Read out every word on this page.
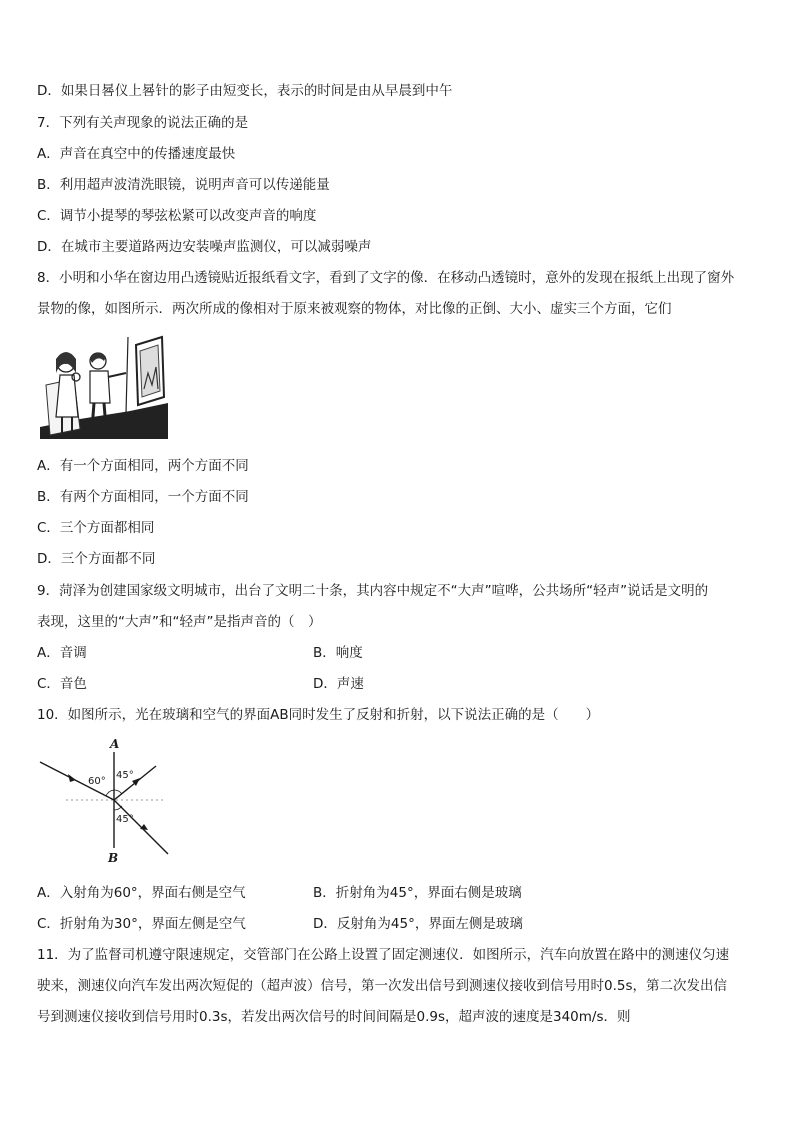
D．如果日晷仪上晷针的影子由短变长，表示的时间是由从早晨到中午
7．下列有关声现象的说法正确的是
A．声音在真空中的传播速度最快
B．利用超声波清洗眼镜，说明声音可以传递能量
C．调节小提琴的琴弦松紧可以改变声音的响度
D．在城市主要道路两边安装噪声监测仪，可以减弱噪声
8．小明和小华在窗边用凸透镜贴近报纸看文字，看到了文字的像．在移动凸透镜时，意外的发现在报纸上出现了窗外
景物的像，如图所示．两次所成的像相对于原来被观察的物体，对比像的正倒、大小、虚实三个方面，它们
A．有一个方面相同，两个方面不同
B．有两个方面相同，一个方面不同
C．三个方面都相同
D．三个方面都不同
9．菏泽为创建国家级文明城市，出台了文明二十条，其内容中规定不“大声”喧哗，公共场所“轻声”说话是文明的
表现，这里的“大声”和“轻声”是指声音的（　）
A．音调	B．响度
C．音色	D．声速
10．如图所示，光在玻璃和空气的界面AB同时发生了反射和折射，以下说法正确的是（　　）
A
B
60°
45°
45°
A．入射角为60°，界面右侧是空气	B．折射角为45°，界面右侧是玻璃
C．折射角为30°，界面左侧是空气	D．反射角为45°，界面左侧是玻璃
11．为了监督司机遵守限速规定，交管部门在公路上设置了固定测速仪．如图所示，汽车向放置在路中的测速仪匀速
驶来，测速仪向汽车发出两次短促的（超声波）信号，第一次发出信号到测速仪接收到信号用时0.5s，第二次发出信
号到测速仪接收到信号用时0.3s，若发出两次信号的时间间隔是0.9s，超声波的速度是340m/s．则
